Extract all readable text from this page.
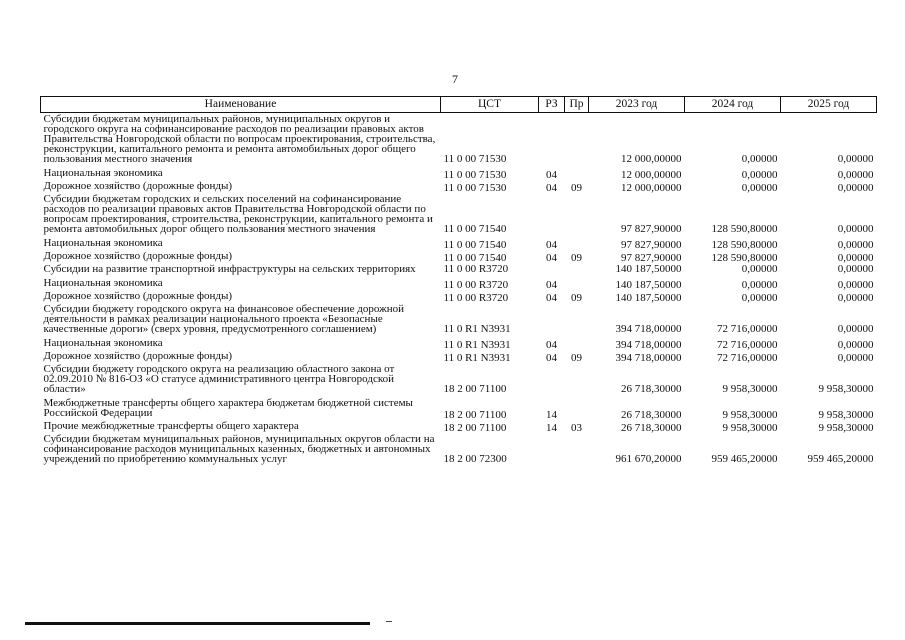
7
Наименование	ЦСТ	РЗ	Пр	2023 год	2024 год	2025 год
Субсидии бюджетам муниципальных районов, муниципальных округов и городского округа на софинансирование расходов по реализации правовых актов Правительства Новгородской области по вопросам проектирования, строительства, реконструкции, капитального ремонта и ремонта автомобильных дорог общего пользования местного значения	11 0 00 71530			12 000,00000	0,00000	0,00000
Национальная экономика	11 0 00 71530	04		12 000,00000	0,00000	0,00000
Дорожное хозяйство (дорожные фонды)	11 0 00 71530	04	09	12 000,00000	0,00000	0,00000
Субсидии бюджетам городских и сельских поселений на софинансирование расходов по реализации правовых актов Правительства Новгородской области по вопросам проектирования, строительства, реконструкции, капитального ремонта и ремонта автомобильных дорог общего пользования местного значения	11 0 00 71540			97 827,90000	128 590,80000	0,00000
Национальная экономика	11 0 00 71540	04		97 827,90000	128 590,80000	0,00000
Дорожное хозяйство (дорожные фонды)	11 0 00 71540	04	09	97 827,90000	128 590,80000	0,00000
Субсидии на развитие транспортной инфраструктуры на сельских территориях	11 0 00 R3720			140 187,50000	0,00000	0,00000
Национальная экономика	11 0 00 R3720	04		140 187,50000	0,00000	0,00000
Дорожное хозяйство (дорожные фонды)	11 0 00 R3720	04	09	140 187,50000	0,00000	0,00000
Субсидии бюджету городского округа на финансовое обеспечение дорожной деятельности в рамках реализации национального проекта «Безопасные качественные дороги» (сверх уровня, предусмотренного соглашением)	11 0 R1 N3931			394 718,00000	72 716,00000	0,00000
Национальная экономика	11 0 R1 N3931	04		394 718,00000	72 716,00000	0,00000
Дорожное хозяйство (дорожные фонды)	11 0 R1 N3931	04	09	394 718,00000	72 716,00000	0,00000
Субсидии бюджету городского округа на реализацию областного закона от 02.09.2010 № 816-ОЗ «О статусе административного центра Новгородской области»	18 2 00 71100			26 718,30000	9 958,30000	9 958,30000
Межбюджетные трансферты общего характера бюджетам бюджетной системы Российской Федерации	18 2 00 71100	14		26 718,30000	9 958,30000	9 958,30000
Прочие межбюджетные трансферты общего характера	18 2 00 71100	14	03	26 718,30000	9 958,30000	9 958,30000
Субсидии бюджетам муниципальных районов, муниципальных округов области на софинансирование расходов муниципальных казенных, бюджетных и автономных учреждений по приобретению коммунальных услуг	18 2 00 72300			961 670,20000	959 465,20000	959 465,20000
